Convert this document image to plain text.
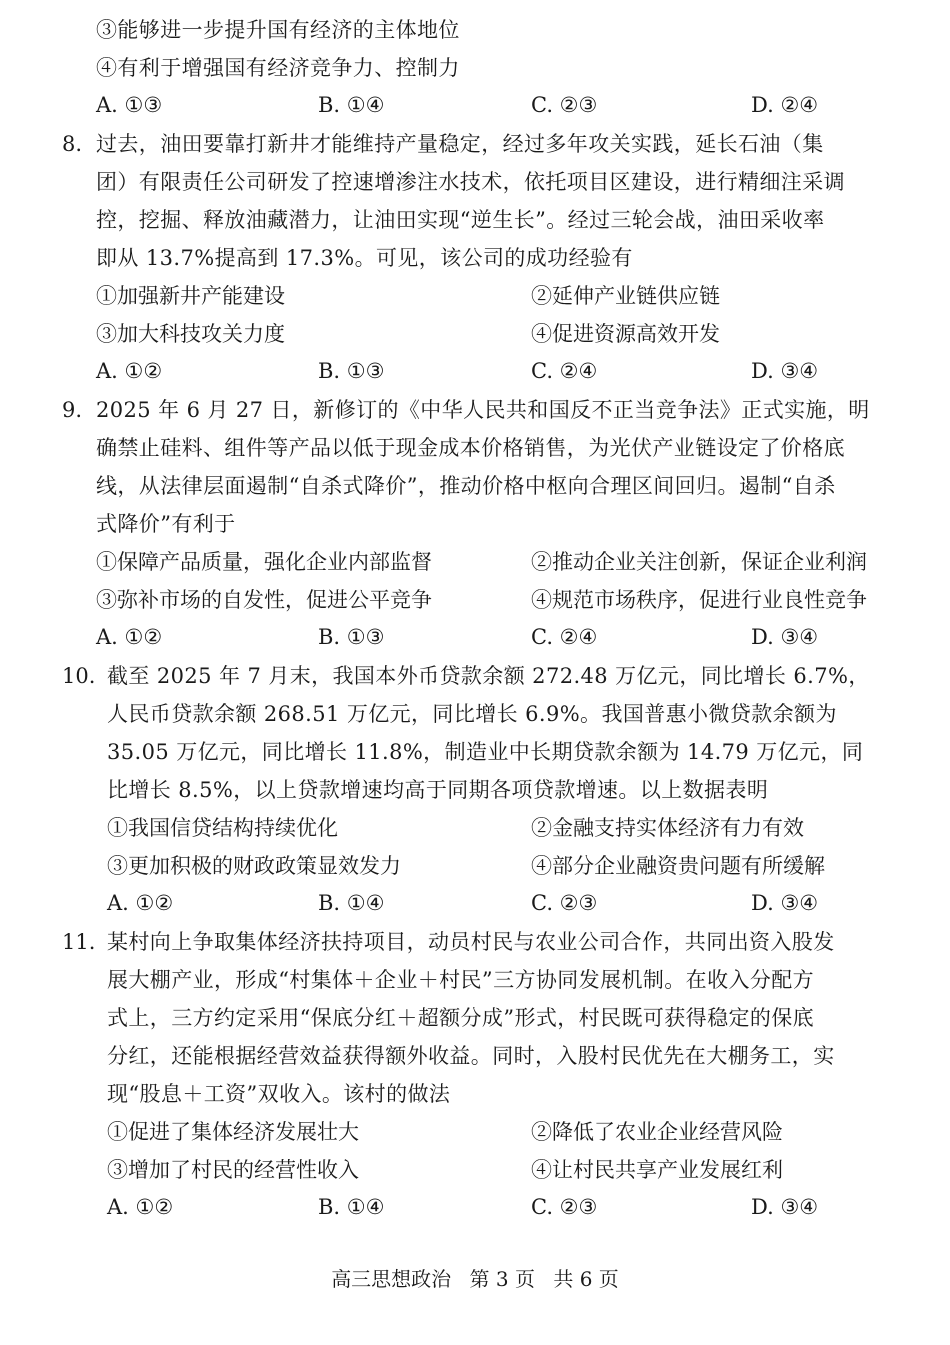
③能够进一步提升国有经济的主体地位
④有利于增强国有经济竞争力、控制力
A. ①③	B. ①④	C. ②③	D. ②④
8. 过去，油田要靠打新井才能维持产量稳定，经过多年攻关实践，延长石油（集
团）有限责任公司研发了控速增渗注水技术，依托项目区建设，进行精细注采调
控，挖掘、释放油藏潜力，让油田实现“逆生长”。经过三轮会战，油田采收率
即从 13.7%提高到 17.3%。可见，该公司的成功经验有
①加强新井产能建设	②延伸产业链供应链
③加大科技攻关力度	④促进资源高效开发
A. ①②	B. ①③	C. ②④	D. ③④
9. 2025 年 6 月 27 日，新修订的《中华人民共和国反不正当竞争法》正式实施，明
确禁止硅料、组件等产品以低于现金成本价格销售，为光伏产业链设定了价格底
线，从法律层面遏制“自杀式降价”，推动价格中枢向合理区间回归。遏制“自杀
式降价”有利于
①保障产品质量，强化企业内部监督	②推动企业关注创新，保证企业利润
③弥补市场的自发性，促进公平竞争	④规范市场秩序，促进行业良性竞争
A. ①②	B. ①③	C. ②④	D. ③④
10. 截至 2025 年 7 月末，我国本外币贷款余额 272.48 万亿元，同比增长 6.7%，
人民币贷款余额 268.51 万亿元，同比增长 6.9%。我国普惠小微贷款余额为
35.05 万亿元，同比增长 11.8%，制造业中长期贷款余额为 14.79 万亿元，同
比增长 8.5%，以上贷款增速均高于同期各项贷款增速。以上数据表明
①我国信贷结构持续优化	②金融支持实体经济有力有效
③更加积极的财政政策显效发力	④部分企业融资贵问题有所缓解
A. ①②	B. ①④	C. ②③	D. ③④
11. 某村向上争取集体经济扶持项目，动员村民与农业公司合作，共同出资入股发
展大棚产业，形成“村集体＋企业＋村民”三方协同发展机制。在收入分配方
式上，三方约定采用“保底分红＋超额分成”形式，村民既可获得稳定的保底
分红，还能根据经营效益获得额外收益。同时，入股村民优先在大棚务工，实
现“股息＋工资”双收入。该村的做法
①促进了集体经济发展壮大	②降低了农业企业经营风险
③增加了村民的经营性收入	④让村民共享产业发展红利
A. ①②	B. ①④	C. ②③	D. ③④
高三思想政治 第 3 页 共 6 页
